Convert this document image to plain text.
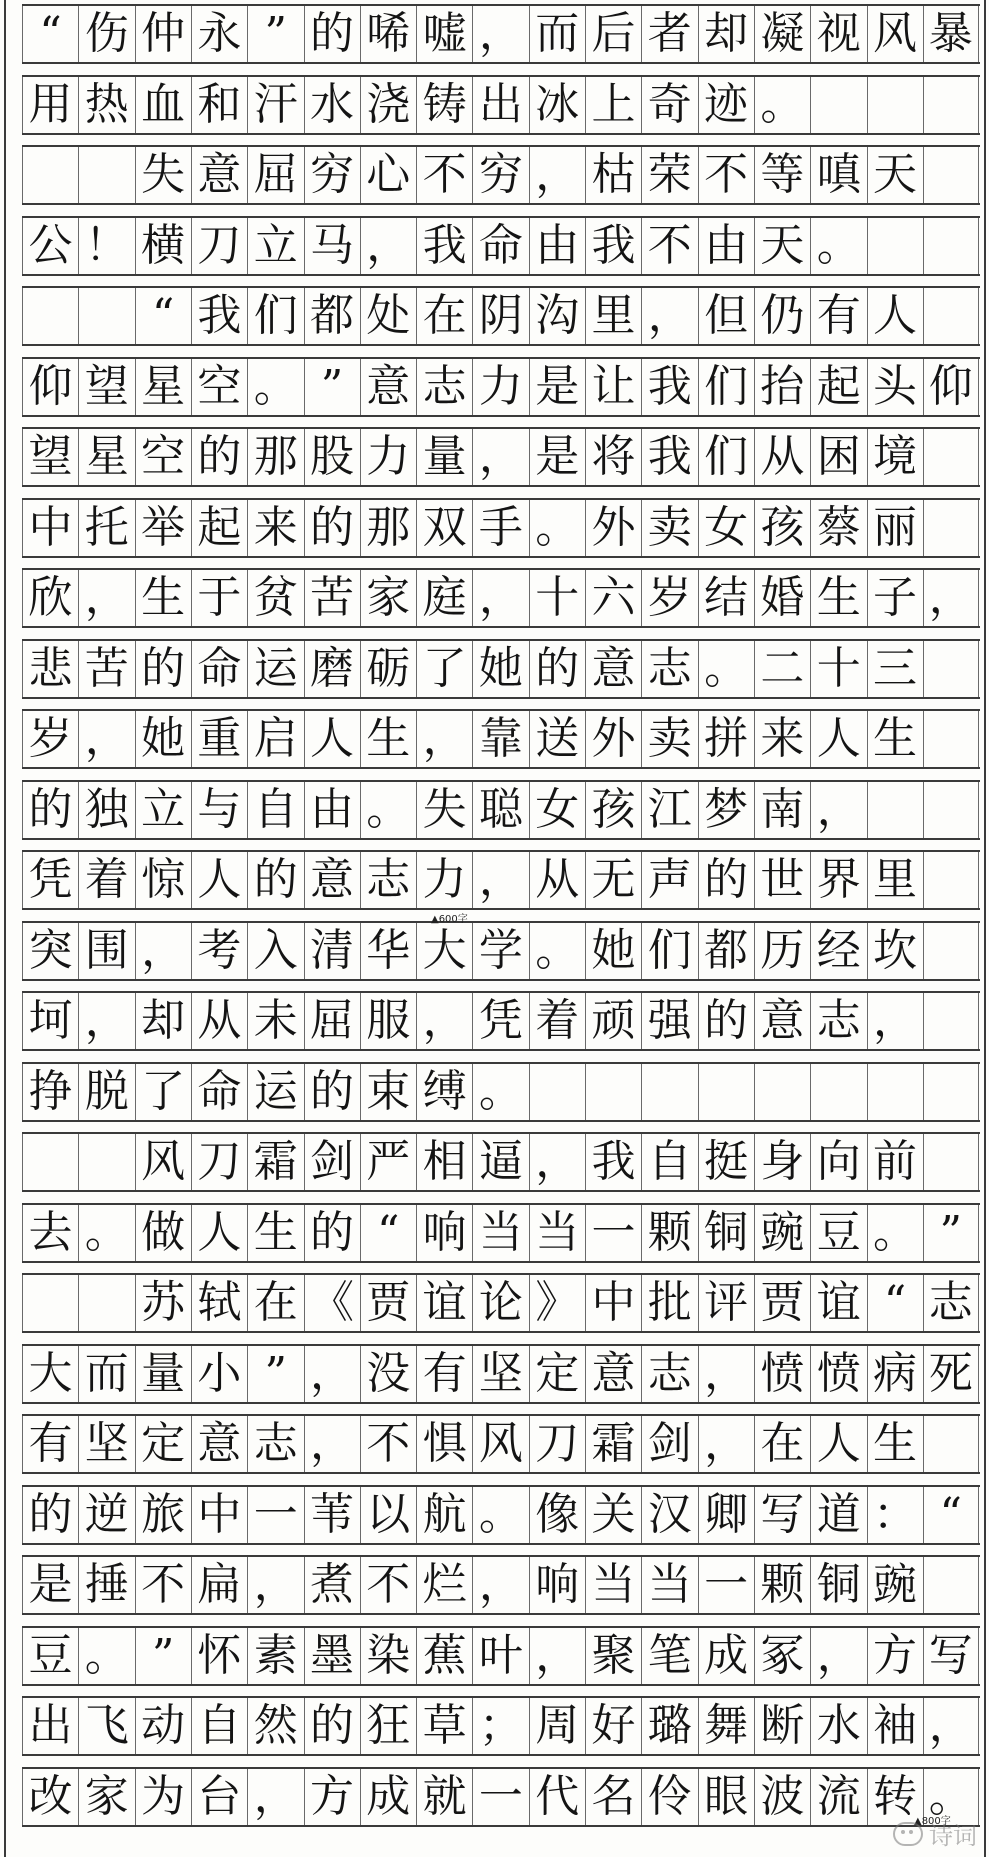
“ 伤 仲 永 ” 的 唏 嘘 ， 而 后 者 却 凝 视 风 暴
用 热 血 和 汗 水 浇 铸 出 冰 上 奇 迹 。

失 意 屈 穷 心 不 穷 ， 枯 荣 不 等 嗔 天
公 ！ 横 刀 立 马 ， 我 命 由 我 不 由 天 。

“ 我 们 都 处 在 阴 沟 里 ， 但 仍 有 人
仰 望 星 空 。 ” 意 志 力 是 让 我 们 抬 起 头 仰
望 星 空 的 那 股 力 量 ， 是 将 我 们 从 困 境
中 托 举 起 来 的 那 双 手 。 外 卖 女 孩 蔡 丽
欣 ， 生 于 贫 苦 家 庭 ， 十 六 岁 结 婚 生 子 ，
悲 苦 的 命 运 磨 砺 了 她 的 意 志 。 二 十 三
岁 ， 她 重 启 人 生 ， 靠 送 外 卖 拼 来 人 生
的 独 立 与 自 由 。 失 聪 女 孩 江 梦 南 ，
凭 着 惊 人 的 意 志 力 ， 从 无 声 的 世 界 里
突 围 ， 考 入 清 华 大 学 。 她 们 都 历 经 坎
坷 ， 却 从 未 屈 服 ， 凭 着 顽 强 的 意 志 ，
挣 脱 了 命 运 的 束 缚 。

风 刀 霜 剑 严 相 逼 ， 我 自 挺 身 向 前
去 。 做 人 生 的 “ 响 当 当 一 颗 铜 豌 豆 。 ”

苏 轼 在 《 贾 谊 论 》 中 批 评 贾 谊 “ 志
大 而 量 小 ” ， 没 有 坚 定 意 志 ， 愤 愤 病 死
有 坚 定 意 志 ， 不 惧 风 刀 霜 剑 ， 在 人 生
的 逆 旅 中 一 苇 以 航 。 像 关 汉 卿 写 道 ： “
是 捶 不 扁 ， 煮 不 烂 ， 响 当 当 一 颗 铜 豌
豆 。 ” 怀 素 墨 染 蕉 叶 ， 聚 笔 成 冢 ， 方 写
出 飞 动 自 然 的 狂 草 ； 周 好 璐 舞 断 水 袖 ，
改 家 为 台 ， 方 成 就 一 代 名 伶 眼 波 流 转 。
▲600字
▲800字
诗词
